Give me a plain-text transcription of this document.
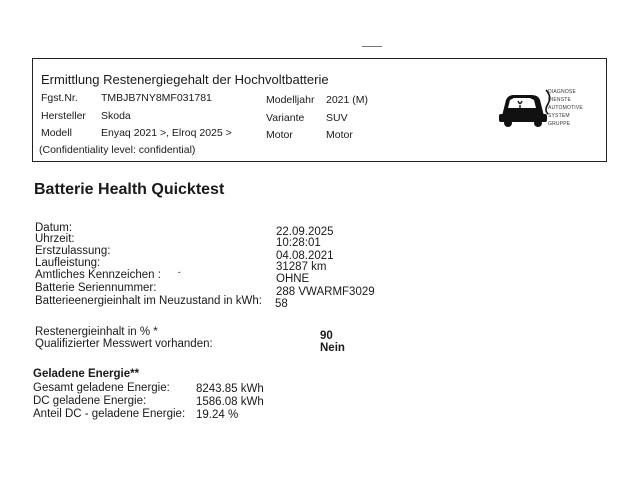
Ermittlung Restenergiegehalt der Hochvoltbatterie
Fgst.Nr. TMBJB7NY8MF031781	Modelljahr 2021 (M)
Hersteller Skoda	Variante SUV
Modell	Enyaq 2021 >, Elroq 2025 >	Motor	Motor
(Confidentiality level: confidential)
DIAGNOSE
DIENSTE
AUTOMOTIVE
SYSTEM
GRUPPE
Batterie Health Quicktest
Datum:	22.09.2025
Uhrzeit:	10:28:01
Erstzulassung:	04.08.2021
Laufleistung:	31287 km
Amtliches Kennzeichen : ˇ	OHNE
Batterie Seriennummer:	288 VWARMF3029
Batterieenergieinhalt im Neuzustand in kWh: 58
Restenergieinhalt in % *	90
Qualifizierter Messwert vorhanden:	Nein
Geladene Energie**
Gesamt geladene Energie: 8243.85 kWh
DC geladene Energie:	1586.08 kWh
Anteil DC - geladene Energie: 19.24 %
